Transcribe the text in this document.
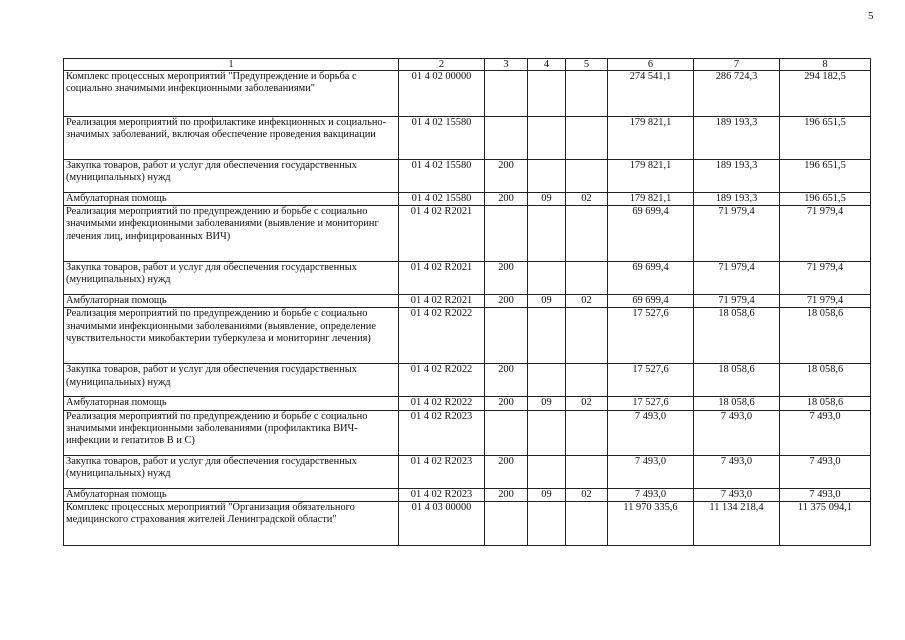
5
1	2	3	4	5	6	7	8
Комплекс процессных мероприятий "Предупреждение и борьба с социально значимыми инфекционными заболеваниями"	01 4 02 00000				274 541,1	286 724,3	294 182,5
Реализация мероприятий по профилактике инфекционных и социально-значимых заболеваний, включая обеспечение проведения вакцинации	01 4 02 15580				179 821,1	189 193,3	196 651,5
Закупка товаров, работ и услуг для обеспечения государственных (муниципальных) нужд	01 4 02 15580	200			179 821,1	189 193,3	196 651,5
Амбулаторная помощь	01 4 02 15580	200	09	02	179 821,1	189 193,3	196 651,5
Реализация мероприятий по предупреждению и борьбе с социально значимыми инфекционными заболеваниями (выявление и мониторинг лечения лиц, инфицированных ВИЧ)	01 4 02 R2021				69 699,4	71 979,4	71 979,4
Закупка товаров, работ и услуг для обеспечения государственных (муниципальных) нужд	01 4 02 R2021	200			69 699,4	71 979,4	71 979,4
Амбулаторная помощь	01 4 02 R2021	200	09	02	69 699,4	71 979,4	71 979,4
Реализация мероприятий по предупреждению и борьбе с социально значимыми инфекционными заболеваниями (выявление, определение чувствительности микобактерии туберкулеза и мониторинг лечения)	01 4 02 R2022				17 527,6	18 058,6	18 058,6
Закупка товаров, работ и услуг для обеспечения государственных (муниципальных) нужд	01 4 02 R2022	200			17 527,6	18 058,6	18 058,6
Амбулаторная помощь	01 4 02 R2022	200	09	02	17 527,6	18 058,6	18 058,6
Реализация мероприятий по предупреждению и борьбе с социально значимыми инфекционными заболеваниями (профилактика ВИЧ-инфекции и гепатитов В и С)	01 4 02 R2023				7 493,0	7 493,0	7 493,0
Закупка товаров, работ и услуг для обеспечения государственных (муниципальных) нужд	01 4 02 R2023	200			7 493,0	7 493,0	7 493,0
Амбулаторная помощь	01 4 02 R2023	200	09	02	7 493,0	7 493,0	7 493,0
Комплекс процессных мероприятий "Организация обязательного медицинского страхования жителей Ленинградской области"	01 4 03 00000				11 970 335,6	11 134 218,4	11 375 094,1
